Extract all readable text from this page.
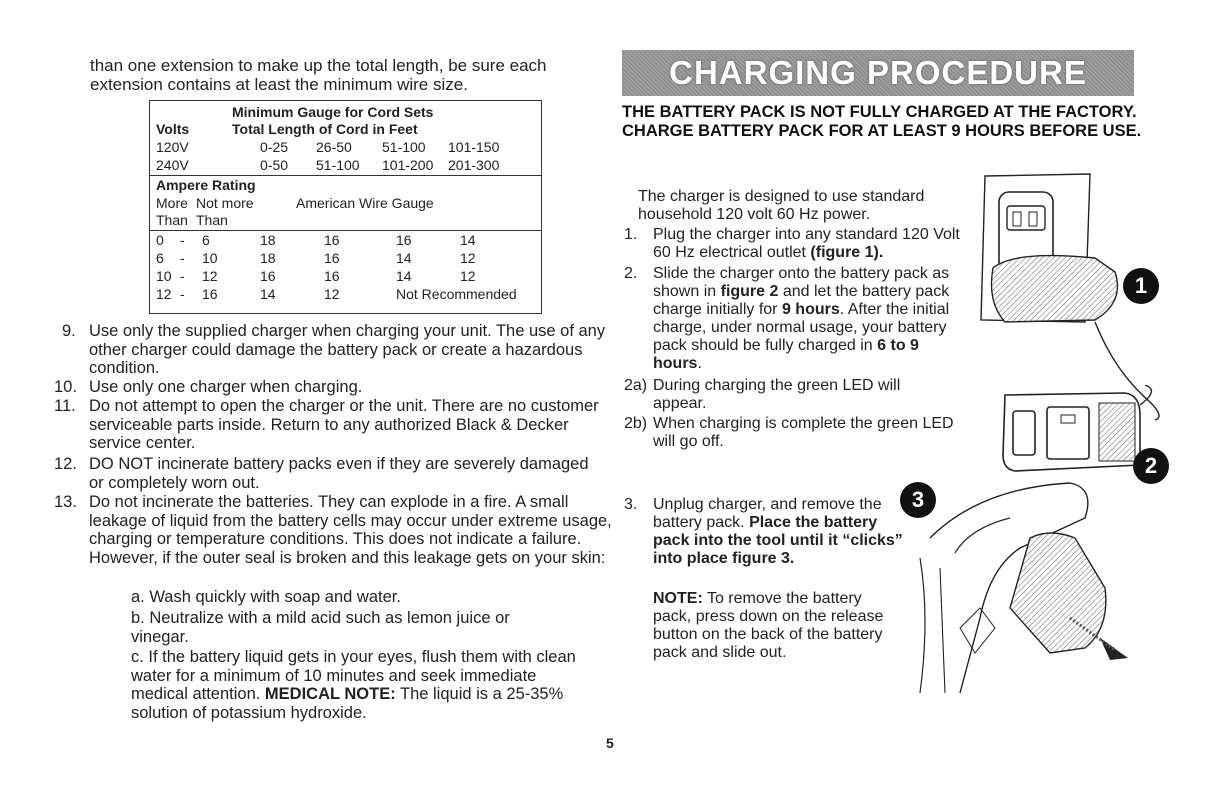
than one extension to make up the total length, be sure each extension contains at least the minimum wire size.
Minimum Gauge for Cord Sets
Volts	Total Length of Cord in Feet
120V	0-25 26-50 51-100 101-150
240V	0-50 51-100 101-200 201-300
Ampere Rating
More Not more	American Wire Gauge
Than Than
0 - 6	18	16	16	14
6 - 10	18	16	14	12
10 - 12	16	16	14	12
12 - 16	14	12	Not Recommended
9. Use only the supplied charger when charging your unit. The use of any other charger could damage the battery pack or create a hazardous condition.
10. Use only one charger when charging.
11. Do not attempt to open the charger or the unit. There are no customer serviceable parts inside. Return to any authorized Black & Decker service center.
12. DO NOT incinerate battery packs even if they are severely damaged or completely worn out.
13. Do not incinerate the batteries. They can explode in a fire. A small leakage of liquid from the battery cells may occur under extreme usage, charging or temperature conditions. This does not indicate a failure. However, if the outer seal is broken and this leakage gets on your skin:
a. Wash quickly with soap and water.
b. Neutralize with a mild acid such as lemon juice or vinegar.
c. If the battery liquid gets in your eyes, flush them with clean water for a minimum of 10 minutes and seek immediate medical attention. MEDICAL NOTE: The liquid is a 25-35% solution of potassium hydroxide.
CHARGING PROCEDURE
THE BATTERY PACK IS NOT FULLY CHARGED AT THE FACTORY. CHARGE BATTERY PACK FOR AT LEAST 9 HOURS BEFORE USE.
The charger is designed to use standard household 120 volt 60 Hz power.
1. Plug the charger into any standard 120 Volt 60 Hz electrical outlet (figure 1).
2. Slide the charger onto the battery pack as shown in figure 2 and let the battery pack charge initially for 9 hours. After the initial charge, under normal usage, your battery pack should be fully charged in 6 to 9 hours.
2a) During charging the green LED will appear.
2b) When charging is complete the green LED will go off.
3. Unplug charger, and remove the battery pack. Place the battery pack into the tool until it “clicks” into place figure 3.
NOTE: To remove the battery pack, press down on the release button on the back of the battery pack and slide out.
1
2
3
5
